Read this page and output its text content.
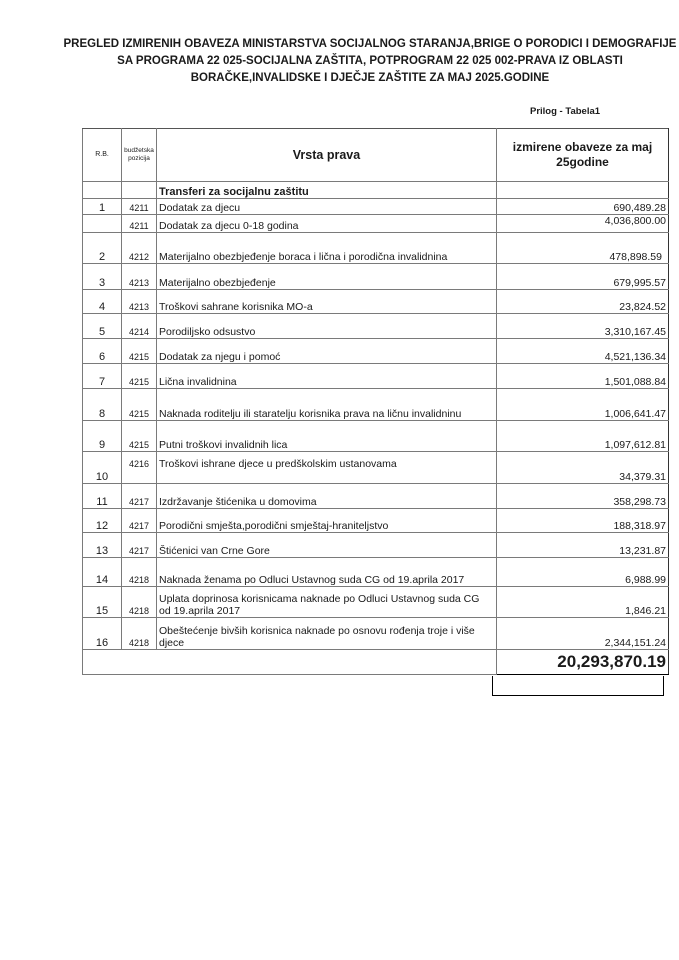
PREGLED IZMIRENIH OBAVEZA MINISTARSTVA SOCIJALNOG STARANJA,BRIGE O PORODICI I DEMOGRAFIJE
SA PROGRAMA 22 025-SOCIJALNA ZAŠTITA, POTPROGRAM 22 025 002-PRAVA IZ OBLASTI
BORAČKE,INVALIDSKE I DJEČJE ZAŠTITE ZA MAJ 2025.GODINE
Prilog - Tabela1
R.B.	budžetska pozicija	Vrsta prava	izmirene obaveze za maj 25godine
		Transferi za socijalnu zaštitu	
1	4211	Dodatak za djecu	690,489.28
	4211	Dodatak za djecu 0-18 godina	4,036,800.00
2	4212	Materijalno obezbjeđenje boraca i lična i porodična invalidnina	478,898.59
3	4213	Materijalno obezbjeđenje	679,995.57
4	4213	Troškovi sahrane korisnika MO-a	23,824.52
5	4214	Porodiljsko odsustvo	3,310,167.45
6	4215	Dodatak za njegu i pomoć	4,521,136.34
7	4215	Lična invalidnina	1,501,088.84
8	4215	Naknada roditelju ili staratelju korisnika prava na ličnu invalidninu	1,006,641.47
9	4215	Putni troškovi invalidnih lica	1,097,612.81
10	4216	Troškovi ishrane djece u predškolskim ustanovama	34,379.31
11	4217	Izdržavanje štićenika u domovima	358,298.73
12	4217	Porodični smješta,porodični smještaj-hraniteljstvo	188,318.97
13	4217	Štićenici van Crne Gore	13,231.87
14	4218	Naknada ženama po Odluci Ustavnog suda CG od 19.aprila 2017	6,988.99
15	4218	Uplata doprinosa korisnicama naknade po Odluci Ustavnog suda CG od 19.aprila 2017	1,846.21
16	4218	Obeštećenje bivših korisnica naknade po osnovu rođenja troje i više djece	2,344,151.24
			20,293,870.19
